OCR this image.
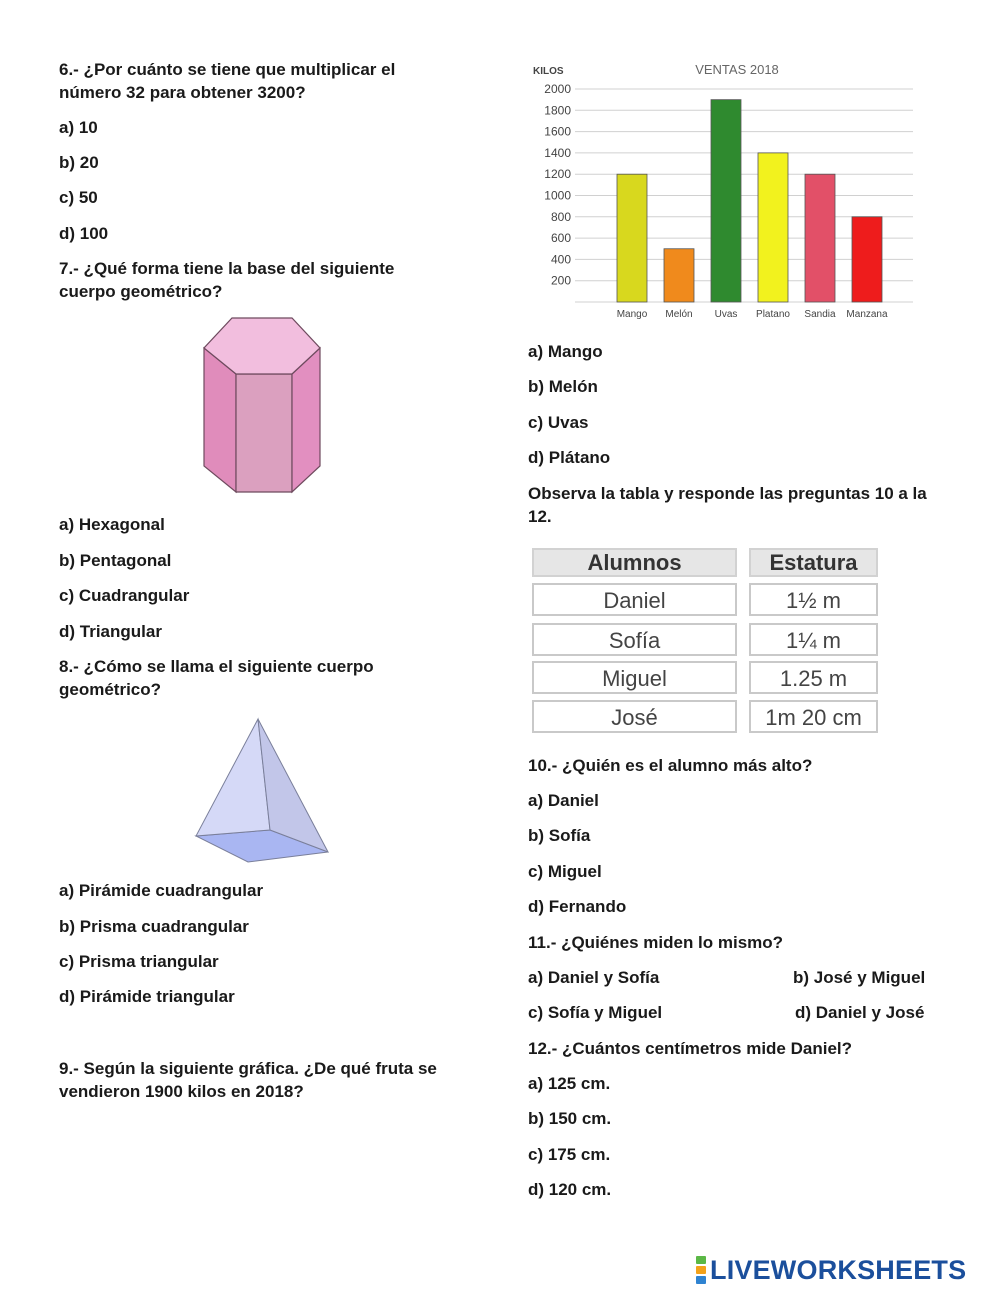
6.- ¿Por cuánto se tiene que multiplicar el número 32 para obtener 3200?

a) 10

b) 20

c) 50

d) 100

7.- ¿Qué forma tiene la base del siguiente cuerpo geométrico?

a) Hexagonal

b) Pentagonal

c) Cuadrangular

d) Triangular

8.- ¿Cómo se llama el siguiente cuerpo geométrico?

a) Pirámide cuadrangular

b) Prisma cuadrangular

c) Prisma triangular

d) Pirámide triangular

9.- Según la siguiente gráfica. ¿De qué fruta se vendieron 1900 kilos en 2018?

KILOS	VENTAS 2018
200
400
600
800
1000
1200
1400
1600
1800
2000
Mango Melón Uvas Platano Sandia Manzana

a) Mango

b) Melón

c) Uvas

d) Plátano

Observa la tabla y responde las preguntas 10 a la 12.

Alumnos	Estatura
Daniel	1½ m
Sofía	1¼ m
Miguel	1.25 m
José	1m 20 cm

10.- ¿Quién es el alumno más alto?

a) Daniel

b) Sofía

c) Miguel

d) Fernando

11.- ¿Quiénes miden lo mismo?

a) Daniel y Sofía	b) José y Miguel

c) Sofía y Miguel	d) Daniel y José

12.- ¿Cuántos centímetros mide Daniel?

a) 125 cm.

b) 150 cm.

c) 175 cm.

d) 120 cm.

LIVEWORKSHEETS
